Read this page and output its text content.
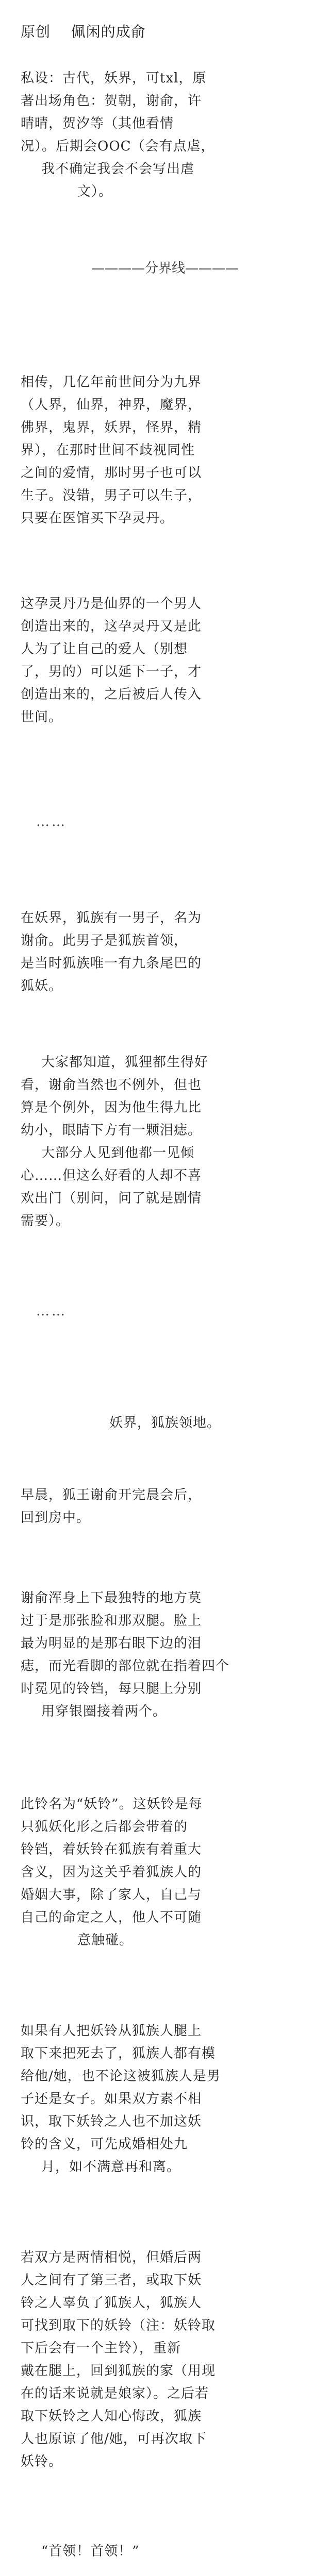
原创    佩闲的成俞
私设：古代，妖界，可txl，原
著出场角色：贺朝，谢俞，许
晴晴，贺汐等（其他看情
况）。后期会OOC（会有点虐，
我不确定我会不会写出虐
文）。
————分界线————
相传，几亿年前世间分为九界
（人界，仙界，神界，魔界，
佛界，鬼界，妖界，怪界，精
界），在那时世间不歧视同性
之间的爱情，那时男子也可以
生子。没错，男子可以生子，
只要在医馆买下孕灵丹。
这孕灵丹乃是仙界的一个男人
创造出来的，这孕灵丹又是此
人为了让自己的爱人（别想
了，男的）可以延下一子，才
创造出来的，之后被后人传入
世间。
……
在妖界，狐族有一男子，名为
谢俞。此男子是狐族首领，
是当时狐族唯一有九条尾巴的
狐妖。
大家都知道，狐狸都生得好
看，谢俞当然也不例外，但也
算是个例外，因为他生得九比
幼小，眼睛下方有一颗泪痣。
大部分人见到他都一见倾
心……但这么好看的人却不喜
欢出门（别问，问了就是剧情
需要）。
……
妖界，狐族领地。
早晨，狐王谢俞开完晨会后，
回到房中。
谢俞浑身上下最独特的地方莫
过于是那张脸和那双腿。脸上
最为明显的是那右眼下边的泪
痣，而光看脚的部位就在指着四个
时冕见的铃铛，每只腿上分别
用穿银圈接着两个。
此铃名为“妖铃”。这妖铃是每
只狐妖化形之后都会带着的
铃铛，着妖铃在狐族有着重大
含义，因为这关乎着狐族人的
婚姻大事，除了家人，自己与
自己的命定之人，他人不可随
意触碰。
如果有人把妖铃从狐族人腿上
取下来把死去了，狐族人都有模
给他/她，也不论这被狐族人是男
子还是女子。如果双方素不相
识，取下妖铃之人也不加这妖
铃的含义，可先成婚相处九
月，如不满意再和离。
若双方是两情相悦，但婚后两
人之间有了第三者，或取下妖
铃之人辜负了狐族人，狐族人
可找到取下的妖铃（注：妖铃取
下后会有一个主铃），重新
戴在腿上，回到狐族的家（用现
在的话来说就是娘家）。之后若
取下妖铃之人知心悔改，狐族
人也原谅了他/她，可再次取下
妖铃。
“首领！首领！”
